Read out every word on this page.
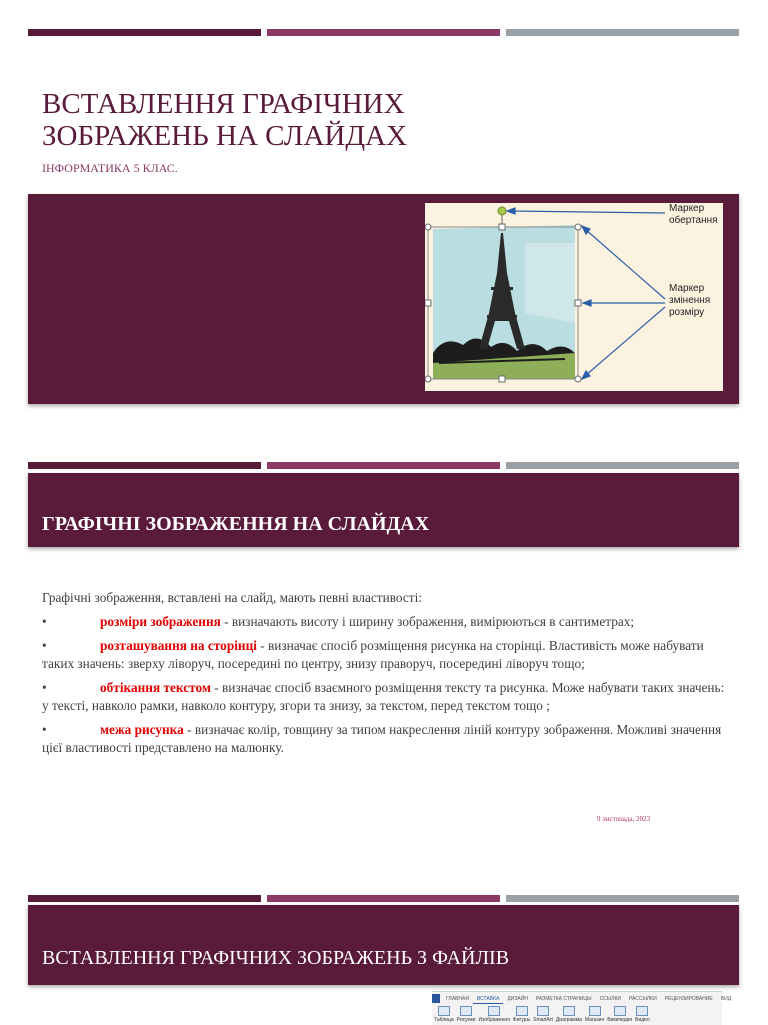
ВСТАВЛЕННЯ ГРАФІЧНИХ ЗОБРАЖЕНЬ НА СЛАЙДАХ
ІНФОРМАТИКА 5 КЛАС.
Маркер обертання
Маркер змінення розміру
ГРАФІЧНІ ЗОБРАЖЕННЯ НА СЛАЙДАХ

Графічні зображення, вставлені на слайд, мають певні властивості:

•	розміри зображення - визначають висоту і ширину зображення, вимірюються в сантиметрах;

•	розташування на сторінці - визначає спосіб розміщення рисунка на сторінці. Властивість може набувати таких значень: зверху ліворуч, посередині по центру, знизу праворуч, посередині ліворуч тощо;

•	обтікання текстом - визначає спосіб взаємного розміщення тексту та рисунка. Може набувати таких значень: у тексті, навколо рамки, навколо контуру, згори та знизу, за текстом, перед текстом тощо ;

•	межа рисунка - визначає колір, товщину за типом накреслення ліній контуру зображення. Можливі значення цієї властивості представлено на малюнку.

9 листопада, 2023
ВСТАВЛЕННЯ ГРАФІЧНИХ ЗОБРАЖЕНЬ З ФАЙЛІВ
ГЛАВНАЯ	ВСТАВКА	ДИЗАЙН	РАЗМЕТКА СТРАНИЦЫ	ССЫЛКИ	РАССЫЛКИ	РЕЦЕНЗИРОВАНИЕ	ВИД
Таблица Рисунки Изображения Фигуры SmartArt Диаграмма Магазин Википедия Видео
